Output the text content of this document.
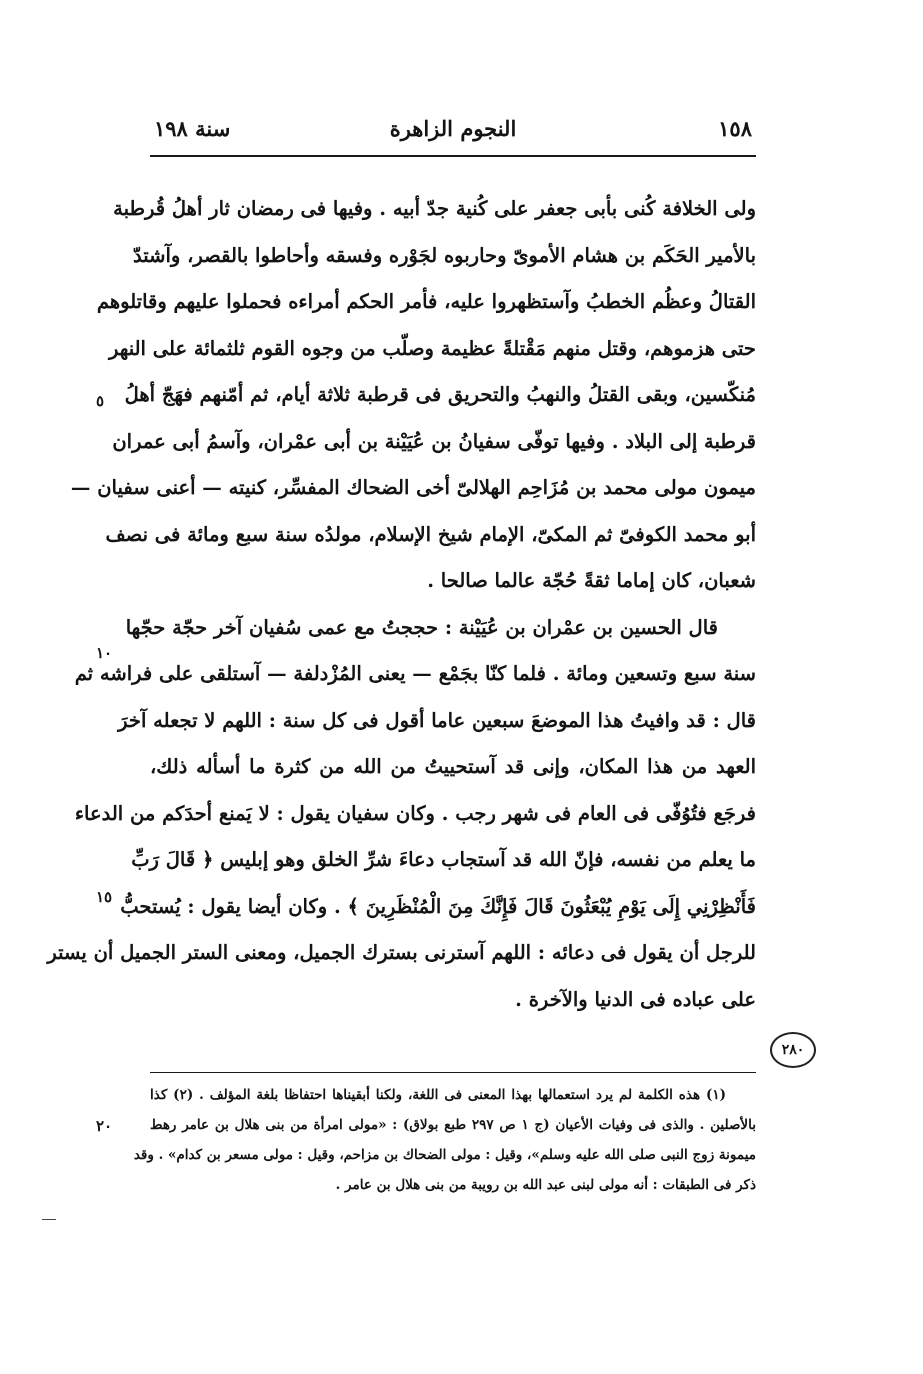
١٥٨
النجوم الزاهرة
سنة ١٩٨
ولى الخلافة كُنى بأبى جعفر على كُنية جدّ أبيه . وفيها فى رمضان ثار أهلُ قُرطبة
بالأمير الحَكَم بن هشام الأموىّ وحاربوه لجَوْره وفسقه وأحاطوا بالقصر، وآشتدّ
القتالُ وعظُم الخطبُ وآستظهروا عليه، فأمر الحكم أمراءه فحملوا عليهم وقاتلوهم
حتى هزموهم، وقتل منهم مَقْتلةً عظيمة وصلّب من وجوه القوم ثلثمائة على النهر
مُنكّسين، وبقى القتلُ والنهبُ والتحريق فى قرطبة ثلاثة أيام، ثم أمّنهم فهَجّ أهلُ
قرطبة إلى البلاد . وفيها توفّى سفيانُ بن عُيَيْنة بن أبى عمْران، وآسمُ أبى عمران
ميمون مولى محمد بن مُزَاحِم الهلالىّ أخى الضحاك المفسِّر، كنيته — أعنى سفيان —
أبو محمد الكوفىّ ثم المكىّ، الإمام شيخ الإسلام، مولدُه سنة سبع ومائة فى نصف
شعبان، كان إماما ثقةً حُجّة عالما صالحا .
قال الحسين بن عمْران بن عُيَيْنة : حججتُ مع عمى سُفيان آخر حجّة حجّها
سنة سبع وتسعين ومائة . فلما كنّا بجَمْع — يعنى المُزْدلفة — آستلقى على فراشه ثم
قال : قد وافيتُ هذا الموضعَ سبعين عاما أقول فى كل سنة : اللهم لا تجعله آخرَ
العهد من هذا المكان، وإنى قد آستحييتُ من الله من كثرة ما أسأله ذلك،
فرجَع فتُوُفّى فى العام فى شهر رجب . وكان سفيان يقول : لا يَمنع أحدَكم من الدعاء
ما يعلم من نفسه، فإنّ الله قد آستجاب دعاءَ شرِّ الخلق وهو إبليس ﴿ قَالَ رَبِّ
فَأَنْظِرْنِي إِلَى يَوْمِ يُبْعَثُونَ قَالَ فَإِنَّكَ مِنَ الْمُنْظَرِينَ ﴾ . وكان أيضا يقول : يُستحبُّ
للرجل أن يقول فى دعائه : اللهم آسترنى بسترك الجميل، ومعنى الستر الجميل أن يستر
على عباده فى الدنيا والآخرة .
٥
١٠
١٥
٢٠
٢٨٠
(١) هذه الكلمة لم يرد استعمالها بهذا المعنى فى اللغة، ولكنا أبقيناها احتفاظا بلغة المؤلف . (٢) كذا
بالأصلين . والذى فى وفيات الأعيان (ج ١ ص ٢٩٧ طبع بولاق) : «مولى امرأة من بنى هلال بن عامر رهط
ميمونة زوج النبى صلى الله عليه وسلم»، وقيل : مولى الضحاك بن مزاحم، وقيل : مولى مسعر بن كدام» . وقد
ذكر فى الطبقات : أنه مولى لبنى عبد الله بن رويبة من بنى هلال بن عامر .
